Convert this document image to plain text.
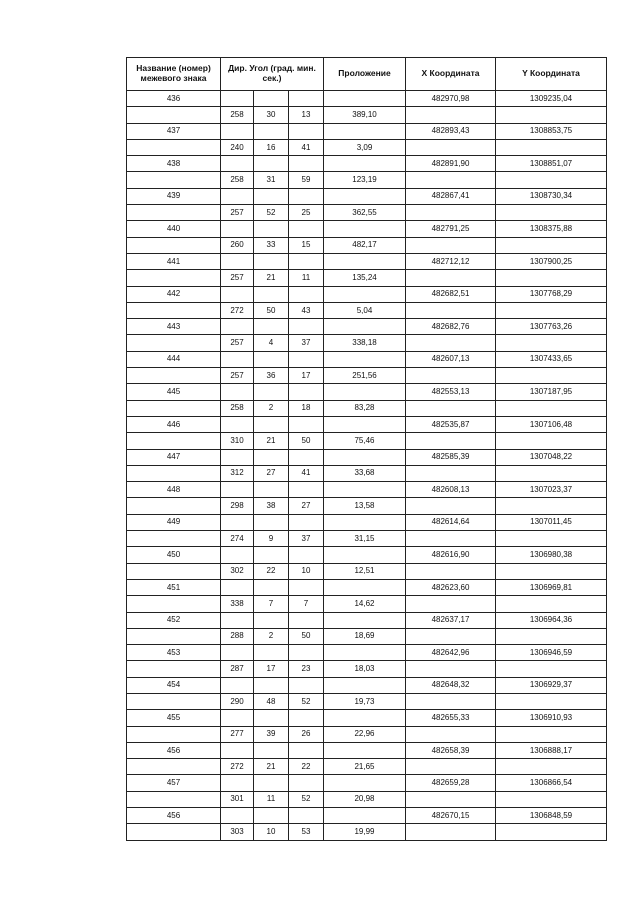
Название (номер) межевого знака	Дир. Угол (град. мин. сек.)			Проложение	X Координата	Y Координата
436					482970,98	1309235,04
	258	30	13	389,10		
437					482893,43	1308853,75
	240	16	41	3,09		
438					482891,90	1308851,07
	258	31	59	123,19		
439					482867,41	1308730,34
	257	52	25	362,55		
440					482791,25	1308375,88
	260	33	15	482,17		
441					482712,12	1307900,25
	257	21	11	135,24		
442					482682,51	1307768,29
	272	50	43	5,04		
443					482682,76	1307763,26
	257	4	37	338,18		
444					482607,13	1307433,65
	257	36	17	251,56		
445					482553,13	1307187,95
	258	2	18	83,28		
446					482535,87	1307106,48
	310	21	50	75,46		
447					482585,39	1307048,22
	312	27	41	33,68		
448					482608,13	1307023,37
	298	38	27	13,58		
449					482614,64	1307011,45
	274	9	37	31,15		
450					482616,90	1306980,38
	302	22	10	12,51		
451					482623,60	1306969,81
	338	7	7	14,62		
452					482637,17	1306964,36
	288	2	50	18,69		
453					482642,96	1306946,59
	287	17	23	18,03		
454					482648,32	1306929,37
	290	48	52	19,73		
455					482655,33	1306910,93
	277	39	26	22,96		
456					482658,39	1306888,17
	272	21	22	21,65		
457					482659,28	1306866,54
	301	11	52	20,98		
456					482670,15	1306848,59
	303	10	53	19,99		
